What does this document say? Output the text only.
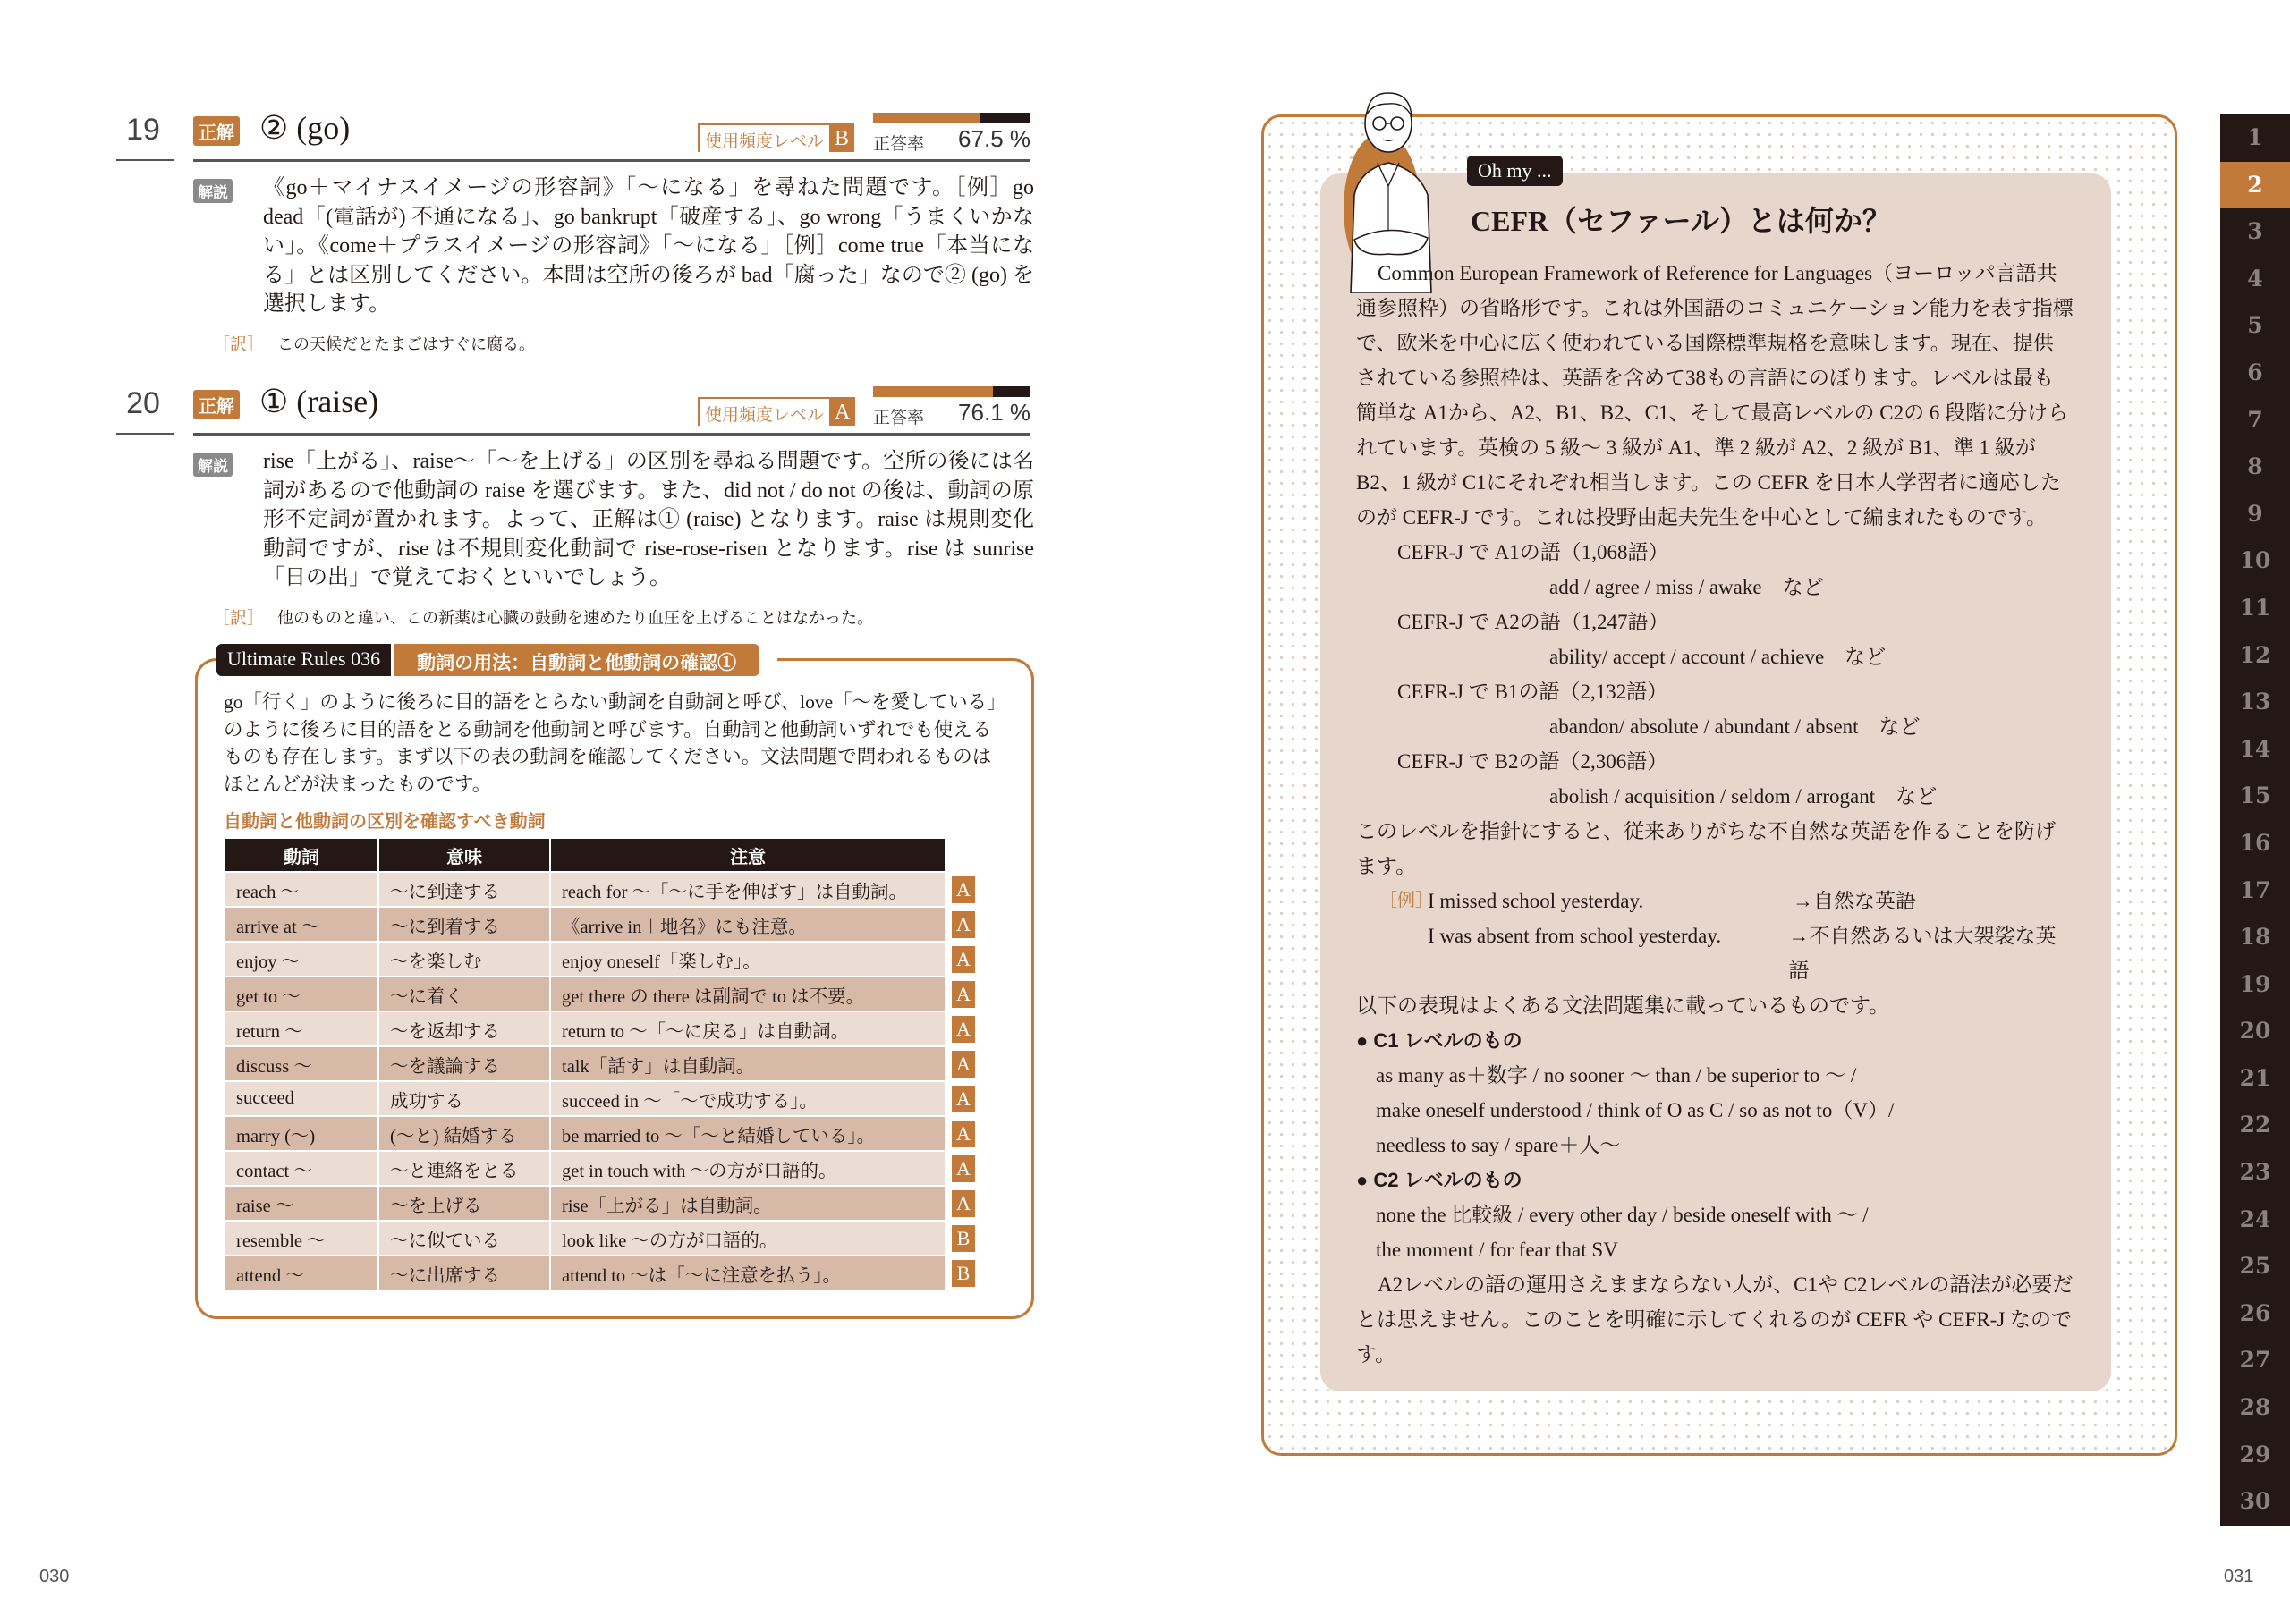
19	正解 ② (go)	使用頻度レベル B	正答率 67.5 %
解説 《go＋マイナスイメージの形容詞》「～になる」を尋ねた問題です。［例］go dead「(電話が) 不通になる」、go bankrupt「破産する」、go wrong「うまくいかない」。《come＋プラスイメージの形容詞》「～になる」［例］come true「本当になる」とは区別してください。本問は空所の後ろが bad「腐った」なので② (go) を選択します。
［訳］ この天候だとたまごはすぐに腐る。
20	正解 ① (raise)	使用頻度レベル A	正答率 76.1 %
解説 rise「上がる」、raise～「～を上げる」の区別を尋ねる問題です。空所の後には名詞があるので他動詞の raise を選びます。また、did not / do not の後は、動詞の原形不定詞が置かれます。よって、正解は① (raise) となります。raise は規則変化動詞ですが、rise は不規則変化動詞で rise-rose-risen となります。rise は sunrise「日の出」で覚えておくといいでしょう。
［訳］ 他のものと違い、この新薬は心臓の鼓動を速めたり血圧を上げることはなかった。
Ultimate Rules 036	動詞の用法：自動詞と他動詞の確認①
go「行く」のように後ろに目的語をとらない動詞を自動詞と呼び、love「～を愛している」のように後ろに目的語をとる動詞を他動詞と呼びます。自動詞と他動詞いずれでも使えるものも存在します。まず以下の表の動詞を確認してください。文法問題で問われるものはほとんどが決まったものです。
自動詞と他動詞の区別を確認すべき動詞
動詞	意味	注意	
reach ～	～に到達する	reach for ～「～に手を伸ばす」は自動詞。	A
arrive at ～	～に到着する	《arrive in＋地名》にも注意。	A
enjoy ～	～を楽しむ	enjoy oneself「楽しむ」。	A
get to ～	～に着く	get there の there は副詞で to は不要。	A
return ～	～を返却する	return to ～「～に戻る」は自動詞。	A
discuss ～	～を議論する	talk「話す」は自動詞。	A
succeed	成功する	succeed in ～「～で成功する」。	A
marry (～)	(～と) 結婚する	be married to ～「～と結婚している」。	A
contact ～	～と連絡をとる	get in touch with ～の方が口語的。	A
raise ～	～を上げる	rise「上がる」は自動詞。	A
resemble ～	～に似ている	look like ～の方が口語的。	B
attend ～	～に出席する	attend to ～は「～に注意を払う」。	B
030
Oh my ...
CEFR（セファール）とは何か？

Common European Framework of Reference for Languages（ヨーロッパ言語共通参照枠）の省略形です。これは外国語のコミュニケーション能力を表す指標で、欧米を中心に広く使われている国際標準規格を意味します。現在、提供されている参照枠は、英語を含めて38もの言語にのぼります。レベルは最も簡単な A1から、A2、B1、B2、C1、そして最高レベルの C2の 6 段階に分けられています。英検の 5 級～ 3 級が A1、準 2 級が A2、2 級が B1、準 1 級が B2、1 級が C1にそれぞれ相当します。この CEFR を日本人学習者に適応したのが CEFR-J です。これは投野由起夫先生を中心として編まれたものです。

CEFR-J で A1の語（1,068語）

add / agree / miss / awake　など

CEFR-J で A2の語（1,247語）

ability/ accept / account / achieve　など

CEFR-J で B1の語（2,132語）

abandon/ absolute / abundant / absent　など

CEFR-J で B2の語（2,306語）

abolish / acquisition / seldom / arrogant　など

このレベルを指針にすると、従来ありがちな不自然な英語を作ることを防げます。

［例］
I missed school yesterday.	→自然な英語
I was absent from school yesterday.	→不自然あるいは大袈裟な英語

以下の表現はよくある文法問題集に載っているものです。

● C1 レベルのもの

as many as＋数字 / no sooner ～ than / be superior to ～ /

make oneself understood / think of O as C / so as not to（V）/

needless to say / spare＋人～

● C2 レベルのもの

none the 比較級 / every other day / beside oneself with ～ /

the moment / for fear that SV

A2レベルの語の運用さえままならない人が、C1や C2レベルの語法が必要だとは思えません。このことを明確に示してくれるのが CEFR や CEFR-J なのです。

1
2
3
4
5
6
7
8
9
10
11
12
13
14
15
16
17
18
19
20
21
22
23
24
25
26
27
28
29
30
031
